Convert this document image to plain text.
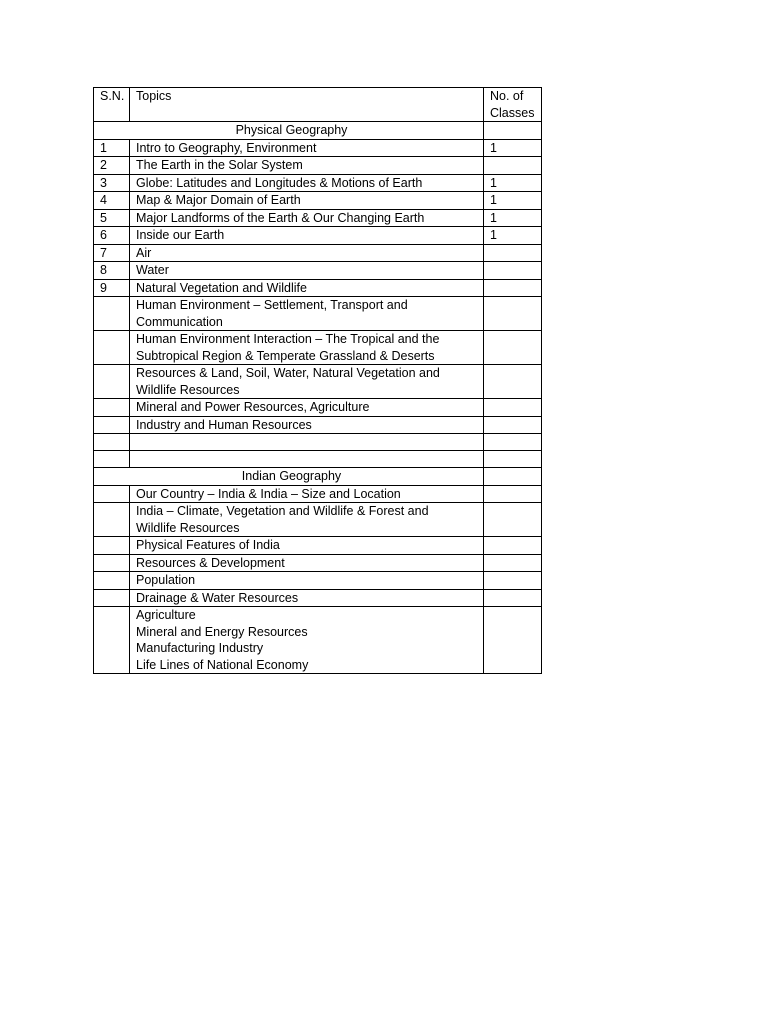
S.N.	Topics	No. of
Classes
Physical Geography		
1	Intro to Geography, Environment	1
2	The Earth in the Solar System	
3	Globe: Latitudes and Longitudes & Motions of Earth	1
4	Map & Major Domain of Earth	1
5	Major Landforms of the Earth & Our Changing Earth	1
6	Inside our Earth	1
7	Air	
8	Water	
9	Natural Vegetation and Wildlife	
	Human Environment – Settlement, Transport and
Communication	
	Human Environment Interaction – The Tropical and the
Subtropical Region & Temperate Grassland & Deserts	
	Resources & Land, Soil, Water, Natural Vegetation and
Wildlife Resources	
	Mineral and Power Resources, Agriculture	
	Industry and Human Resources	

Indian Geography		
	Our Country – India & India – Size and Location	
	India – Climate, Vegetation and Wildlife & Forest and
Wildlife Resources	
	Physical Features of India	
	Resources & Development	
	Population	
	Drainage & Water Resources	
	Agriculture
Mineral and Energy Resources
Manufacturing Industry
Life Lines of National Economy	
